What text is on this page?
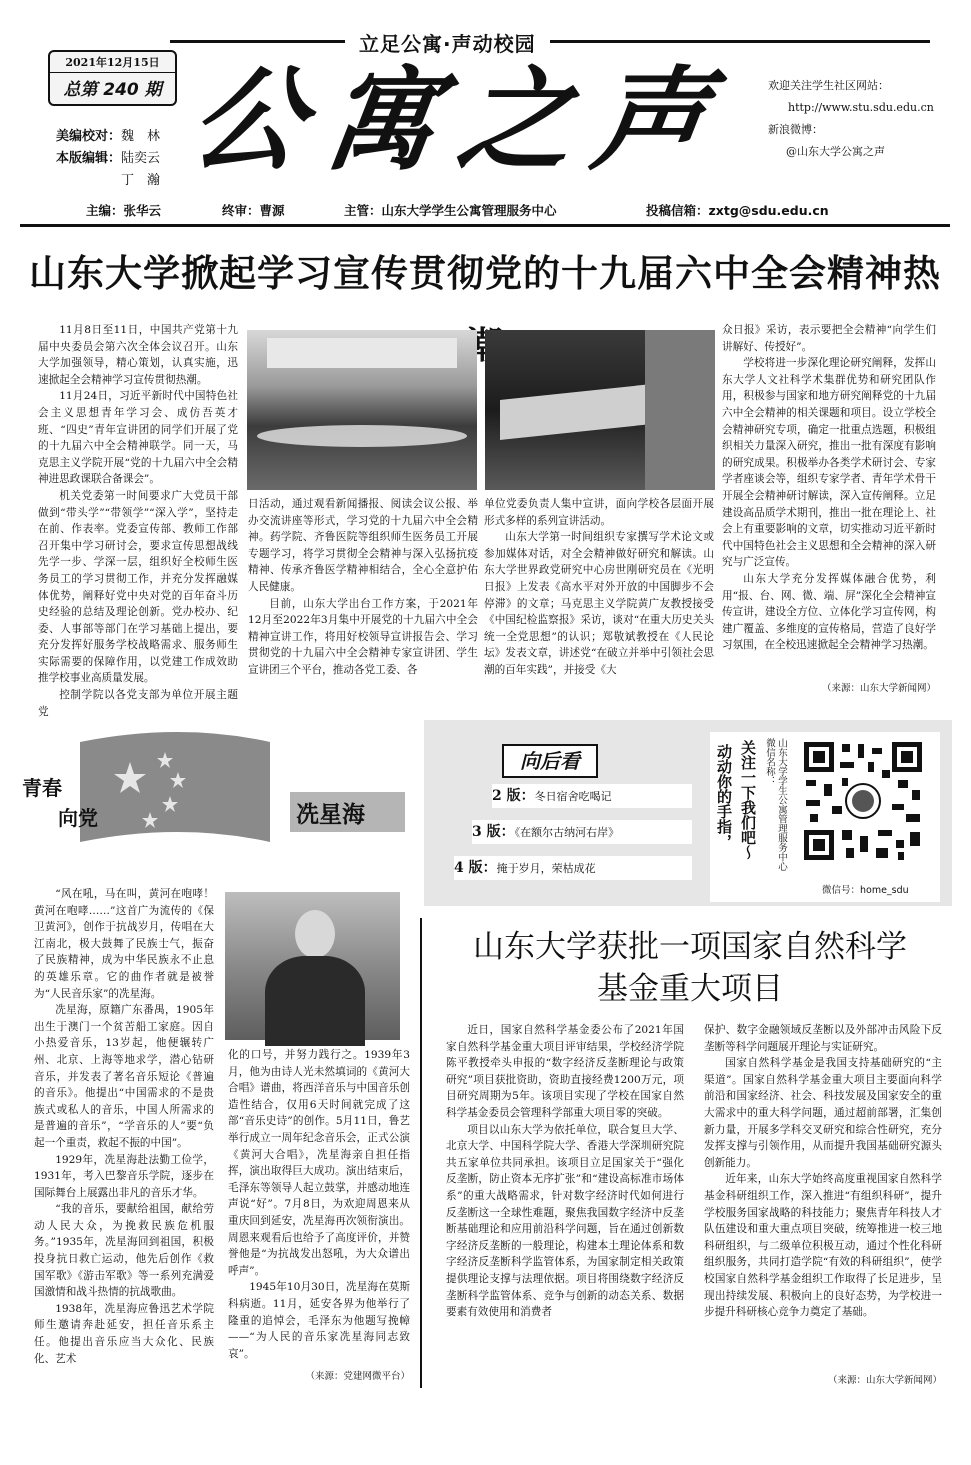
立足公寓·声动校园
2021年12月15日
总第 240 期
美编校对：魏　林
本版编辑：陆奕云
丁　瀚 公寓之声	欢迎关注学生社区网站：
http://www.stu.sdu.edu.cn
新浪微博：
@山东大学公寓之声
主编：张华云	终审：曹源	主管：山东大学学生公寓管理服务中心	投稿信箱：zxtg@sdu.edu.cn
山东大学掀起学习宣传贯彻党的十九届六中全会精神热

11月8日至11日，中国共产党第十九届中央委员会第六次全体会议召开。山东大学加强领导，精心策划，认真实施，迅速掀起全会精神学习宣传贯彻热潮。

11月24日，习近平新时代中国特色社会主义思想青年学习会、成仿吾英才班、“四史”青年宣讲团的同学们开展了党的十九届六中全会精神联学。同一天，马克思主义学院开展“党的十九届六中全会精神进思政课联合备课会”。

机关党委第一时间要求广大党员干部做到“带头学”“带领学”“深入学”，坚持走在前、作表率。党委宣传部、教师工作部召开集中学习研讨会，要求宣传思想战线先学一步、学深一层，组织好全校师生医务员工的学习贯彻工作，并充分发挥融媒体优势，阐释好党中央对党的百年奋斗历史经验的总结及理论创新。党办校办、纪委、人事部等部门在学习基础上提出，要充分发挥好服务学校战略需求、服务师生实际需要的保障作用，以党建工作成效助推学校事业高质量发展。

控制学院以各党支部为单位开展主题党

日活动，通过观看新闻播报、阅读会议公报、举办交流讲座等形式，学习党的十九届六中全会精神。药学院、齐鲁医院等组织师生医务员工开展专题学习，将学习贯彻全会精神与深入弘扬抗疫精神、传承齐鲁医学精神相结合，全心全意护佑人民健康。

目前，山东大学出台工作方案，于2021年12月至2022年3月集中开展党的十九届六中全会精神宣讲工作，将用好校领导宣讲报告会、学习贯彻党的十九届六中全会精神专家宣讲团、学生宣讲团三个平台，推动各党工委、各

单位党委负责人集中宣讲，面向学校各层面开展形式多样的系列宣讲活动。

山东大学第一时间组织专家撰写学术论文或参加媒体对话，对全会精神做好研究和解读。山东大学世界政党研究中心房世刚研究员在《光明日报》上发表《高水平对外开放的中国脚步不会停滞》的文章；马克思主义学院黄广友教授接受《中国纪检监察报》采访，谈对“在重大历史关头统一全党思想”的认识；郑敬斌教授在《人民论坛》发表文章，讲述党“在破立并举中引领社会思潮的百年实践”，并接受《大

众日报》采访，表示要把全会精神“向学生们讲解好、传授好”。

学校将进一步深化理论研究阐释，发挥山东大学人文社科学术集群优势和研究团队作用，积极参与国家和地方研究阐释党的十九届六中全会精神的相关课题和项目。设立学校全会精神研究专项，确定一批重点选题，积极组织相关力量深入研究，推出一批有深度有影响的研究成果。积极举办各类学术研讨会、专家学者座谈会等，组织专家学者、青年学术骨干开展全会精神研讨解读，深入宣传阐释。立足建设高品质学术期刊，推出一批在理论上、社会上有重要影响的文章，切实推动习近平新时代中国特色社会主义思想和全会精神的深入研究与广泛宣传。

山东大学充分发挥媒体融合优势，利用“报、台、网、微、端、屏”深化全会精神宣传宣讲，建设全方位、立体化学习宣传网，构建广覆盖、多维度的宣传格局，营造了良好学习氛围，在全校迅速掀起全会精神学习热潮。

（来源：山东大学新闻网）

青春
向党	冼星海

“风在吼，马在叫，黄河在咆哮！黄河在咆哮……”这首广为流传的《保卫黄河》，创作于抗战岁月，传唱在大江南北，极大鼓舞了民族士气，振奋了民族精神，成为中华民族永不止息的英雄乐章。它的曲作者就是被誉为“人民音乐家”的冼星海。

冼星海，原籍广东番禺，1905年出生于澳门一个贫苦船工家庭。因自小热爱音乐，13岁起，他便辗转广州、北京、上海等地求学，潜心钻研音乐，并发表了著名音乐短论《普遍的音乐》。他提出“中国需求的不是贵族式或私人的音乐，中国人所需求的是普遍的音乐”，“学音乐的人”要“负起一个重责，救起不振的中国”。

1929年，冼星海赴法勤工俭学，1931年，考入巴黎音乐学院，逐步在国际舞台上展露出非凡的音乐才华。

“我的音乐，要献给祖国，献给劳动人民大众，为挽救民族危机服务。”1935年，冼星海回到祖国，积极投身抗日救亡运动，他先后创作《救国军歌》《游击军歌》等一系列充满爱国激情和战斗热情的抗战歌曲。

1938年，冼星海应鲁迅艺术学院师生邀请奔赴延安，担任音乐系主任。他提出音乐应当大众化、民族化、艺术

化的口号，并努力践行之。1939年3月，他为由诗人光未然填词的《黄河大合唱》谱曲，将西洋音乐与中国音乐创造性结合，仅用6天时间就完成了这部“音乐史诗”的创作。5月11日，鲁艺举行成立一周年纪念音乐会，正式公演《黄河大合唱》，冼星海亲自担任指挥，演出取得巨大成功。演出结束后，毛泽东等领导人起立鼓掌，并感动地连声说“好”。7月8日，为欢迎周恩来从重庆回到延安，冼星海再次领衔演出。周恩来观看后也给予了高度评价，并赞誉他是“为抗战发出怒吼，为大众谱出呼声”。

1945年10月30日，冼星海在莫斯科病逝。11月，延安各界为他举行了隆重的追悼会，毛泽东为他题写挽幛——“为人民的音乐家冼星海同志致哀”。

（来源：党建网微平台）

向后看
2 版：冬日宿舍吃喝记
3 版：《在额尔古纳河右岸》
4 版：掩于岁月，荣枯成花
关注一下我们吧～
动动你的手指，	微信名称： 山东大学学生公寓管理服务中心
微信号：home_sdu
山东大学获批一项国家自然科学
基金重大项目

近日，国家自然科学基金委公布了2021年国家自然科学基金重大项目评审结果，学校经济学院陈平教授牵头申报的“数字经济反垄断理论与政策研究”项目获批资助，资助直接经费1200万元，项目研究周期为5年。该项目实现了学校在国家自然科学基金委员会管理科学部重大项目零的突破。

项目以山东大学为依托单位，联合复旦大学、北京大学、中国科学院大学、香港大学深圳研究院共五家单位共同承担。该项目立足国家关于“强化反垄断，防止资本无序扩张”和“建设高标准市场体系”的重大战略需求，针对数字经济时代如何进行反垄断这一全球性难题，聚焦我国数字经济中反垄断基础理论和应用前沿科学问题，旨在通过创新数字经济反垄断的一般理论，构建本土理论体系和数字经济反垄断科学监管体系，为国家制定相关政策提供理论支撑与法理依据。项目将围绕数字经济反垄断科学监管体系、竞争与创新的动态关系、数据要素有效使用和消费者

保护、数字金融领域反垄断以及外部冲击风险下反垄断等科学问题展开理论与实证研究。

国家自然科学基金是我国支持基础研究的“主渠道”。国家自然科学基金重大项目主要面向科学前沿和国家经济、社会、科技发展及国家安全的重大需求中的重大科学问题，通过超前部署，汇集创新力量，开展多学科交叉研究和综合性研究，充分发挥支撑与引领作用，从而提升我国基础研究源头创新能力。

近年来，山东大学始终高度重视国家自然科学基金科研组织工作，深入推进“有组织科研”，提升学校服务国家战略的科技能力；聚焦青年科技人才队伍建设和重大重点项目突破，统筹推进一校三地科研组织，与二级单位积极互动，通过个性化科研组织服务，共同打造学院“有效的科研组织”，使学校国家自然科学基金组织工作取得了长足进步，呈现出持续发展、积极向上的良好态势，为学校进一步提升科研核心竞争力奠定了基础。

（来源：山东大学新闻网）
